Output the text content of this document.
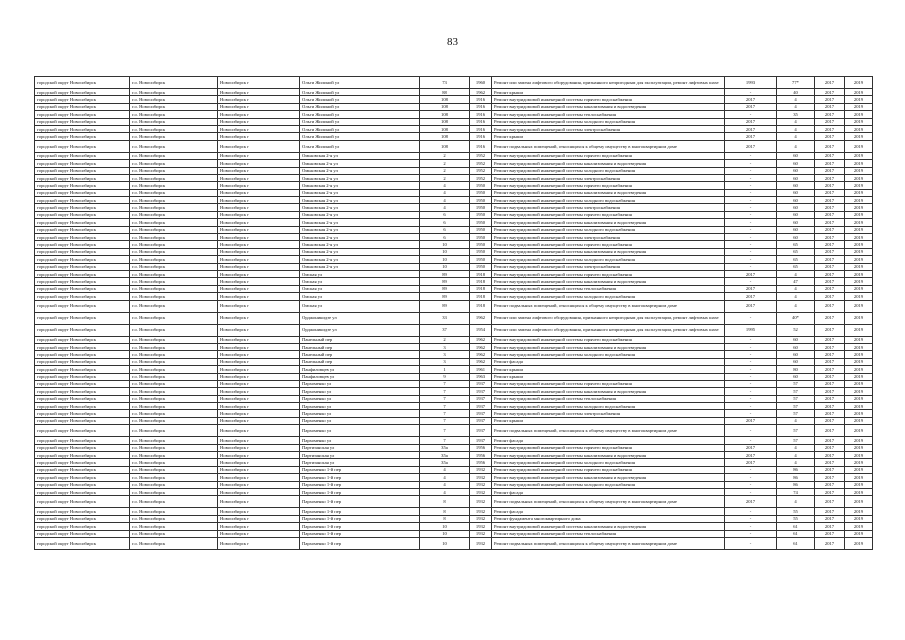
83
городской округ Новосибирск	г.о. Новосибирск	Новосибирск г	Ольги Жилиной ул	73	1960	Ремонт или замена лифтового оборудования, признанного непригодным для эксплуатации, ремонт лифтовых шахт	1993	77*	2017	2019
городской округ Новосибирск	г.о. Новосибирск	Новосибирск г	Ольги Жилиной ул	88	1962	Ремонт крыши	-	40	2017	2019
городской округ Новосибирск	г.о. Новосибирск	Новосибирск г	Ольги Жилиной ул	108	1916	Ремонт внутридомовой инженерной системы горячего водоснабжения	2017	4	2017	2019
городской округ Новосибирск	г.о. Новосибирск	Новосибирск г	Ольги Жилиной ул	108	1916	Ремонт внутридомовой инженерной системы канализования и водоотведения	2017	4	2017	2019
городской округ Новосибирск	г.о. Новосибирск	Новосибирск г	Ольги Жилиной ул	108	1916	Ремонт внутридомовой инженерной системы теплоснабжения	-	35	2017	2019
городской округ Новосибирск	г.о. Новосибирск	Новосибирск г	Ольги Жилиной ул	108	1916	Ремонт внутридомовой инженерной системы холодного водоснабжения	2017	4	2017	2019
городской округ Новосибирск	г.о. Новосибирск	Новосибирск г	Ольги Жилиной ул	108	1916	Ремонт внутридомовой инженерной системы электроснабжения	2017	4	2017	2019
городской округ Новосибирск	г.о. Новосибирск	Новосибирск г	Ольги Жилиной ул	108	1916	Ремонт крыши	2017	4	2017	2019
городской округ Новосибирск	г.о. Новосибирск	Новосибирск г	Ольги Жилиной ул	108	1916	Ремонт подвальных помещений, относящихся к общему имуществу в многоквартирном доме	2017	4	2017	2019
городской округ Новосибирск	г.о. Новосибирск	Новосибирск г	Омьковская 2-я ул	2	1952	Ремонт внутридомовой инженерной системы горячего водоснабжения	-	60	2017	2019
городской округ Новосибирск	г.о. Новосибирск	Новосибирск г	Омьковская 2-я ул	2	1952	Ремонт внутридомовой инженерной системы канализования и водоотведения	-	60	2017	2019
городской округ Новосибирск	г.о. Новосибирск	Новосибирск г	Омьковская 2-я ул	2	1952	Ремонт внутридомовой инженерной системы холодного водоснабжения	-	60	2017	2019
городской округ Новосибирск	г.о. Новосибирск	Новосибирск г	Омьковская 2-я ул	2	1952	Ремонт внутридомовой инженерной системы электроснабжения	-	60	2017	2019
городской округ Новосибирск	г.о. Новосибирск	Новосибирск г	Омьковская 2-я ул	4	1950	Ремонт внутридомовой инженерной системы горячего водоснабжения	-	60	2017	2019
городской округ Новосибирск	г.о. Новосибирск	Новосибирск г	Омьковская 2-я ул	4	1950	Ремонт внутридомовой инженерной системы канализования и водоотведения	-	60	2017	2019
городской округ Новосибирск	г.о. Новосибирск	Новосибирск г	Омьковская 2-я ул	4	1950	Ремонт внутридомовой инженерной системы холодного водоснабжения	-	60	2017	2019
городской округ Новосибирск	г.о. Новосибирск	Новосибирск г	Омьковская 2-я ул	4	1950	Ремонт внутридомовой инженерной системы электроснабжения	-	60	2017	2019
городской округ Новосибирск	г.о. Новосибирск	Новосибирск г	Омьковская 2-я ул	6	1950	Ремонт внутридомовой инженерной системы горячего водоснабжения	-	60	2017	2019
городской округ Новосибирск	г.о. Новосибирск	Новосибирск г	Омьковская 2-я ул	6	1950	Ремонт внутридомовой инженерной системы канализования и водоотведения	-	60	2017	2019
городской округ Новосибирск	г.о. Новосибирск	Новосибирск г	Омьковская 2-я ул	6	1950	Ремонт внутридомовой инженерной системы холодного водоснабжения	-	60	2017	2019
городской округ Новосибирск	г.о. Новосибирск	Новосибирск г	Омьковская 2-я ул	6	1950	Ремонт внутридомовой инженерной системы электроснабжения	-	60	2017	2019
городской округ Новосибирск	г.о. Новосибирск	Новосибирск г	Омьковская 2-я ул	10	1950	Ремонт внутридомовой инженерной системы горячего водоснабжения	-	65	2017	2019
городской округ Новосибирск	г.о. Новосибирск	Новосибирск г	Омьковская 2-я ул	10	1950	Ремонт внутридомовой инженерной системы канализования и водоотведения	-	65	2017	2019
городской округ Новосибирск	г.о. Новосибирск	Новосибирск г	Омьковская 2-я ул	10	1950	Ремонт внутридомовой инженерной системы холодного водоснабжения	-	65	2017	2019
городской округ Новосибирск	г.о. Новосибирск	Новосибирск г	Омьковская 2-я ул	10	1950	Ремонт внутридомовой инженерной системы электроснабжения	-	65	2017	2019
городской округ Новосибирск	г.о. Новосибирск	Новосибирск г	Омская ул	89	1918	Ремонт внутридомовой инженерной системы горячего водоснабжения	2017	4	2017	2019
городской округ Новосибирск	г.о. Новосибирск	Новосибирск г	Омская ул	89	1918	Ремонт внутридомовой инженерной системы канализования и водоотведения	-	47	2017	2019
городской округ Новосибирск	г.о. Новосибирск	Новосибирск г	Омская ул	89	1918	Ремонт внутридомовой инженерной системы теплоснабжения	2017	4	2017	2019
городской округ Новосибирск	г.о. Новосибирск	Новосибирск г	Омская ул	89	1918	Ремонт внутридомовой инженерной системы холодного водоснабжения	2017	4	2017	2019
городской округ Новосибирск	г.о. Новосибирск	Новосибирск г	Омская ул	89	1918	Ремонт подвальных помещений, относящихся к общему имуществу в многоквартирном доме	2017	4	2017	2019
городской округ Новосибирск	г.о. Новосибирск	Новосибирск г	Орджоникидзе ул	33	1962	Ремонт или замена лифтового оборудования, признанного непригодным для эксплуатации, ремонт лифтовых шахт	-	40*	2017	2019
городской округ Новосибирск	г.о. Новосибирск	Новосибирск г	Орджоникидзе ул	37	1954	Ремонт или замена лифтового оборудования, признанного непригодным для эксплуатации, ремонт лифтовых шахт	1995	52	2017	2019
городской округ Новосибирск	г.о. Новосибирск	Новосибирск г	Панельный пер	2	1962	Ремонт внутридомовой инженерной системы горячего водоснабжения	-	60	2017	2019
городской округ Новосибирск	г.о. Новосибирск	Новосибирск г	Панельный пер	3	1962	Ремонт внутридомовой инженерной системы канализования и водоотведения	-	60	2017	2019
городской округ Новосибирск	г.о. Новосибирск	Новосибирск г	Панельный пер	3	1962	Ремонт внутридомовой инженерной системы холодного водоснабжения	-	60	2017	2019
городской округ Новосибирск	г.о. Новосибирск	Новосибирск г	Панельный пер	3	1962	Ремонт фасада	-	60	2017	2019
городской округ Новосибирск	г.о. Новосибирск	Новосибирск г	Панфиловцев ул	1	1961	Ремонт крыши	-	80	2017	2019
городской округ Новосибирск	г.о. Новосибирск	Новосибирск г	Панфиловцев ул	9	1963	Ремонт крыши	-	60	2017	2019
городской округ Новосибирск	г.о. Новосибирск	Новосибирск г	Пархоменко ул	7	1937	Ремонт внутридомовой инженерной системы горячего водоснабжения	-	57	2017	2019
городской округ Новосибирск	г.о. Новосибирск	Новосибирск г	Пархоменко ул	7	1937	Ремонт внутридомовой инженерной системы канализования и водоотведения	-	57	2017	2019
городской округ Новосибирск	г.о. Новосибирск	Новосибирск г	Пархоменко ул	7	1937	Ремонт внутридомовой инженерной системы теплоснабжения	-	57	2017	2019
городской округ Новосибирск	г.о. Новосибирск	Новосибирск г	Пархоменко ул	7	1937	Ремонт внутридомовой инженерной системы холодного водоснабжения	-	57	2017	2019
городской округ Новосибирск	г.о. Новосибирск	Новосибирск г	Пархоменко ул	7	1937	Ремонт внутридомовой инженерной системы электроснабжения	-	57	2017	2019
городской округ Новосибирск	г.о. Новосибирск	Новосибирск г	Пархоменко ул	7	1937	Ремонт крыши	2017	4	2017	2019
городской округ Новосибирск	г.о. Новосибирск	Новосибирск г	Пархоменко ул	7	1937	Ремонт подвальных помещений, относящихся к общему имуществу в многоквартирном доме	-	57	2017	2019
городской округ Новосибирск	г.о. Новосибирск	Новосибирск г	Пархоменко ул	7	1937	Ремонт фасада	-	57	2017	2019
городской округ Новосибирск	г.о. Новосибирск	Новосибирск г	Партизанская ул	35а	1956	Ремонт внутридомовой инженерной системы горячего водоснабжения	2017	4	2017	2019
городской округ Новосибирск	г.о. Новосибирск	Новосибирск г	Партизанская ул	35а	1956	Ремонт внутридомовой инженерной системы канализования и водоотведения	2017	4	2017	2019
городской округ Новосибирск	г.о. Новосибирск	Новосибирск г	Партизанская ул	35а	1956	Ремонт внутридомовой инженерной системы холодного водоснабжения	2017	4	2017	2019
городской округ Новосибирск	г.о. Новосибирск	Новосибирск г	Пархоменко 1-й пер	4	1932	Ремонт внутридомовой инженерной системы горячего водоснабжения	-	86	2017	2019
городской округ Новосибирск	г.о. Новосибирск	Новосибирск г	Пархоменко 1-й пер	4	1932	Ремонт внутридомовой инженерной системы канализования и водоотведения	-	86	2017	2019
городской округ Новосибирск	г.о. Новосибирск	Новосибирск г	Пархоменко 1-й пер	4	1932	Ремонт внутридомовой инженерной системы холодного водоснабжения	-	86	2017	2019
городской округ Новосибирск	г.о. Новосибирск	Новосибирск г	Пархоменко 1-й пер	4	1932	Ремонт фасада	-	74	2017	2019
городской округ Новосибирск	г.о. Новосибирск	Новосибирск г	Пархоменко 1-й пер	8	1932	Ремонт подвальных помещений, относящихся к общему имуществу в многоквартирном доме	2017	4	2017	2019
городской округ Новосибирск	г.о. Новосибирск	Новосибирск г	Пархоменко 1-й пер	8	1932	Ремонт фасада	-	55	2017	2019
городской округ Новосибирск	г.о. Новосибирск	Новосибирск г	Пархоменко 1-й пер	8	1932	Ремонт фундамента многоквартирного дома	-	55	2017	2019
городской округ Новосибирск	г.о. Новосибирск	Новосибирск г	Пархоменко 1-й пер	10	1932	Ремонт внутридомовой инженерной системы канализования и водоотведения	-	61	2017	2019
городской округ Новосибирск	г.о. Новосибирск	Новосибирск г	Пархоменко 1-й пер	10	1932	Ремонт внутридомовой инженерной системы теплоснабжения	-	61	2017	2019
городской округ Новосибирск	г.о. Новосибирск	Новосибирск г	Пархоменко 1-й пер	10	1932	Ремонт подвальных помещений, относящихся к общему имуществу в многоквартирном доме	-	61	2017	2019
